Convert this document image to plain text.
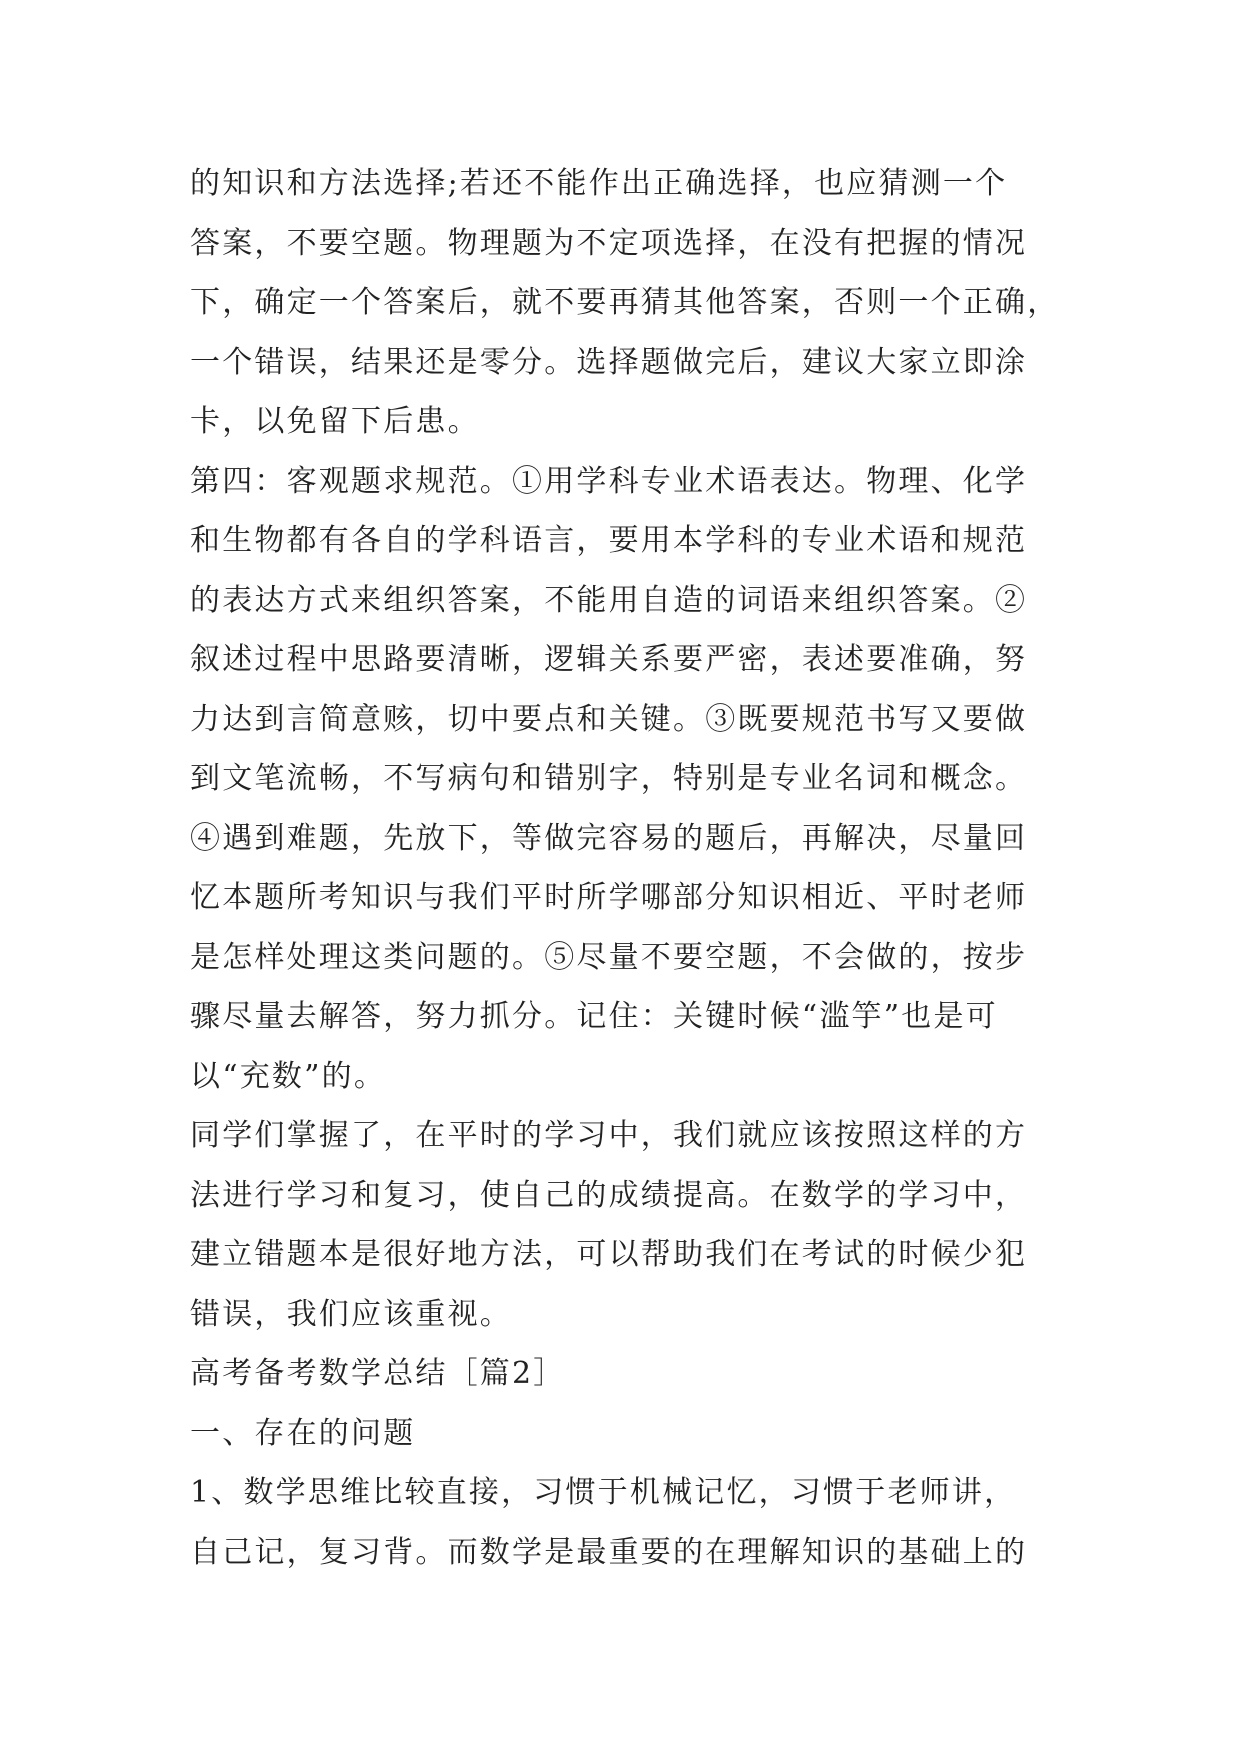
的知识和方法选择;若还不能作出正确选择，也应猜测一个
答案，不要空题。物理题为不定项选择，在没有把握的情况
下，确定一个答案后，就不要再猜其他答案，否则一个正确，
一个错误，结果还是零分。选择题做完后，建议大家立即涂
卡，以免留下后患。
第四：客观题求规范。①用学科专业术语表达。物理、化学
和生物都有各自的学科语言，要用本学科的专业术语和规范
的表达方式来组织答案，不能用自造的词语来组织答案。②
叙述过程中思路要清晰，逻辑关系要严密，表述要准确，努
力达到言简意赅，切中要点和关键。③既要规范书写又要做
到文笔流畅，不写病句和错别字，特别是专业名词和概念。
④遇到难题，先放下，等做完容易的题后，再解决，尽量回
忆本题所考知识与我们平时所学哪部分知识相近、平时老师
是怎样处理这类问题的。⑤尽量不要空题，不会做的，按步
骤尽量去解答，努力抓分。记住：关键时候“滥竽”也是可
以“充数”的。
同学们掌握了，在平时的学习中，我们就应该按照这样的方
法进行学习和复习，使自己的成绩提高。在数学的学习中，
建立错题本是很好地方法，可以帮助我们在考试的时候少犯
错误，我们应该重视。
高考备考数学总结［篇2］
一、存在的问题
1、数学思维比较直接，习惯于机械记忆，习惯于老师讲，
自己记，复习背。而数学是最重要的在理解知识的基础上的
